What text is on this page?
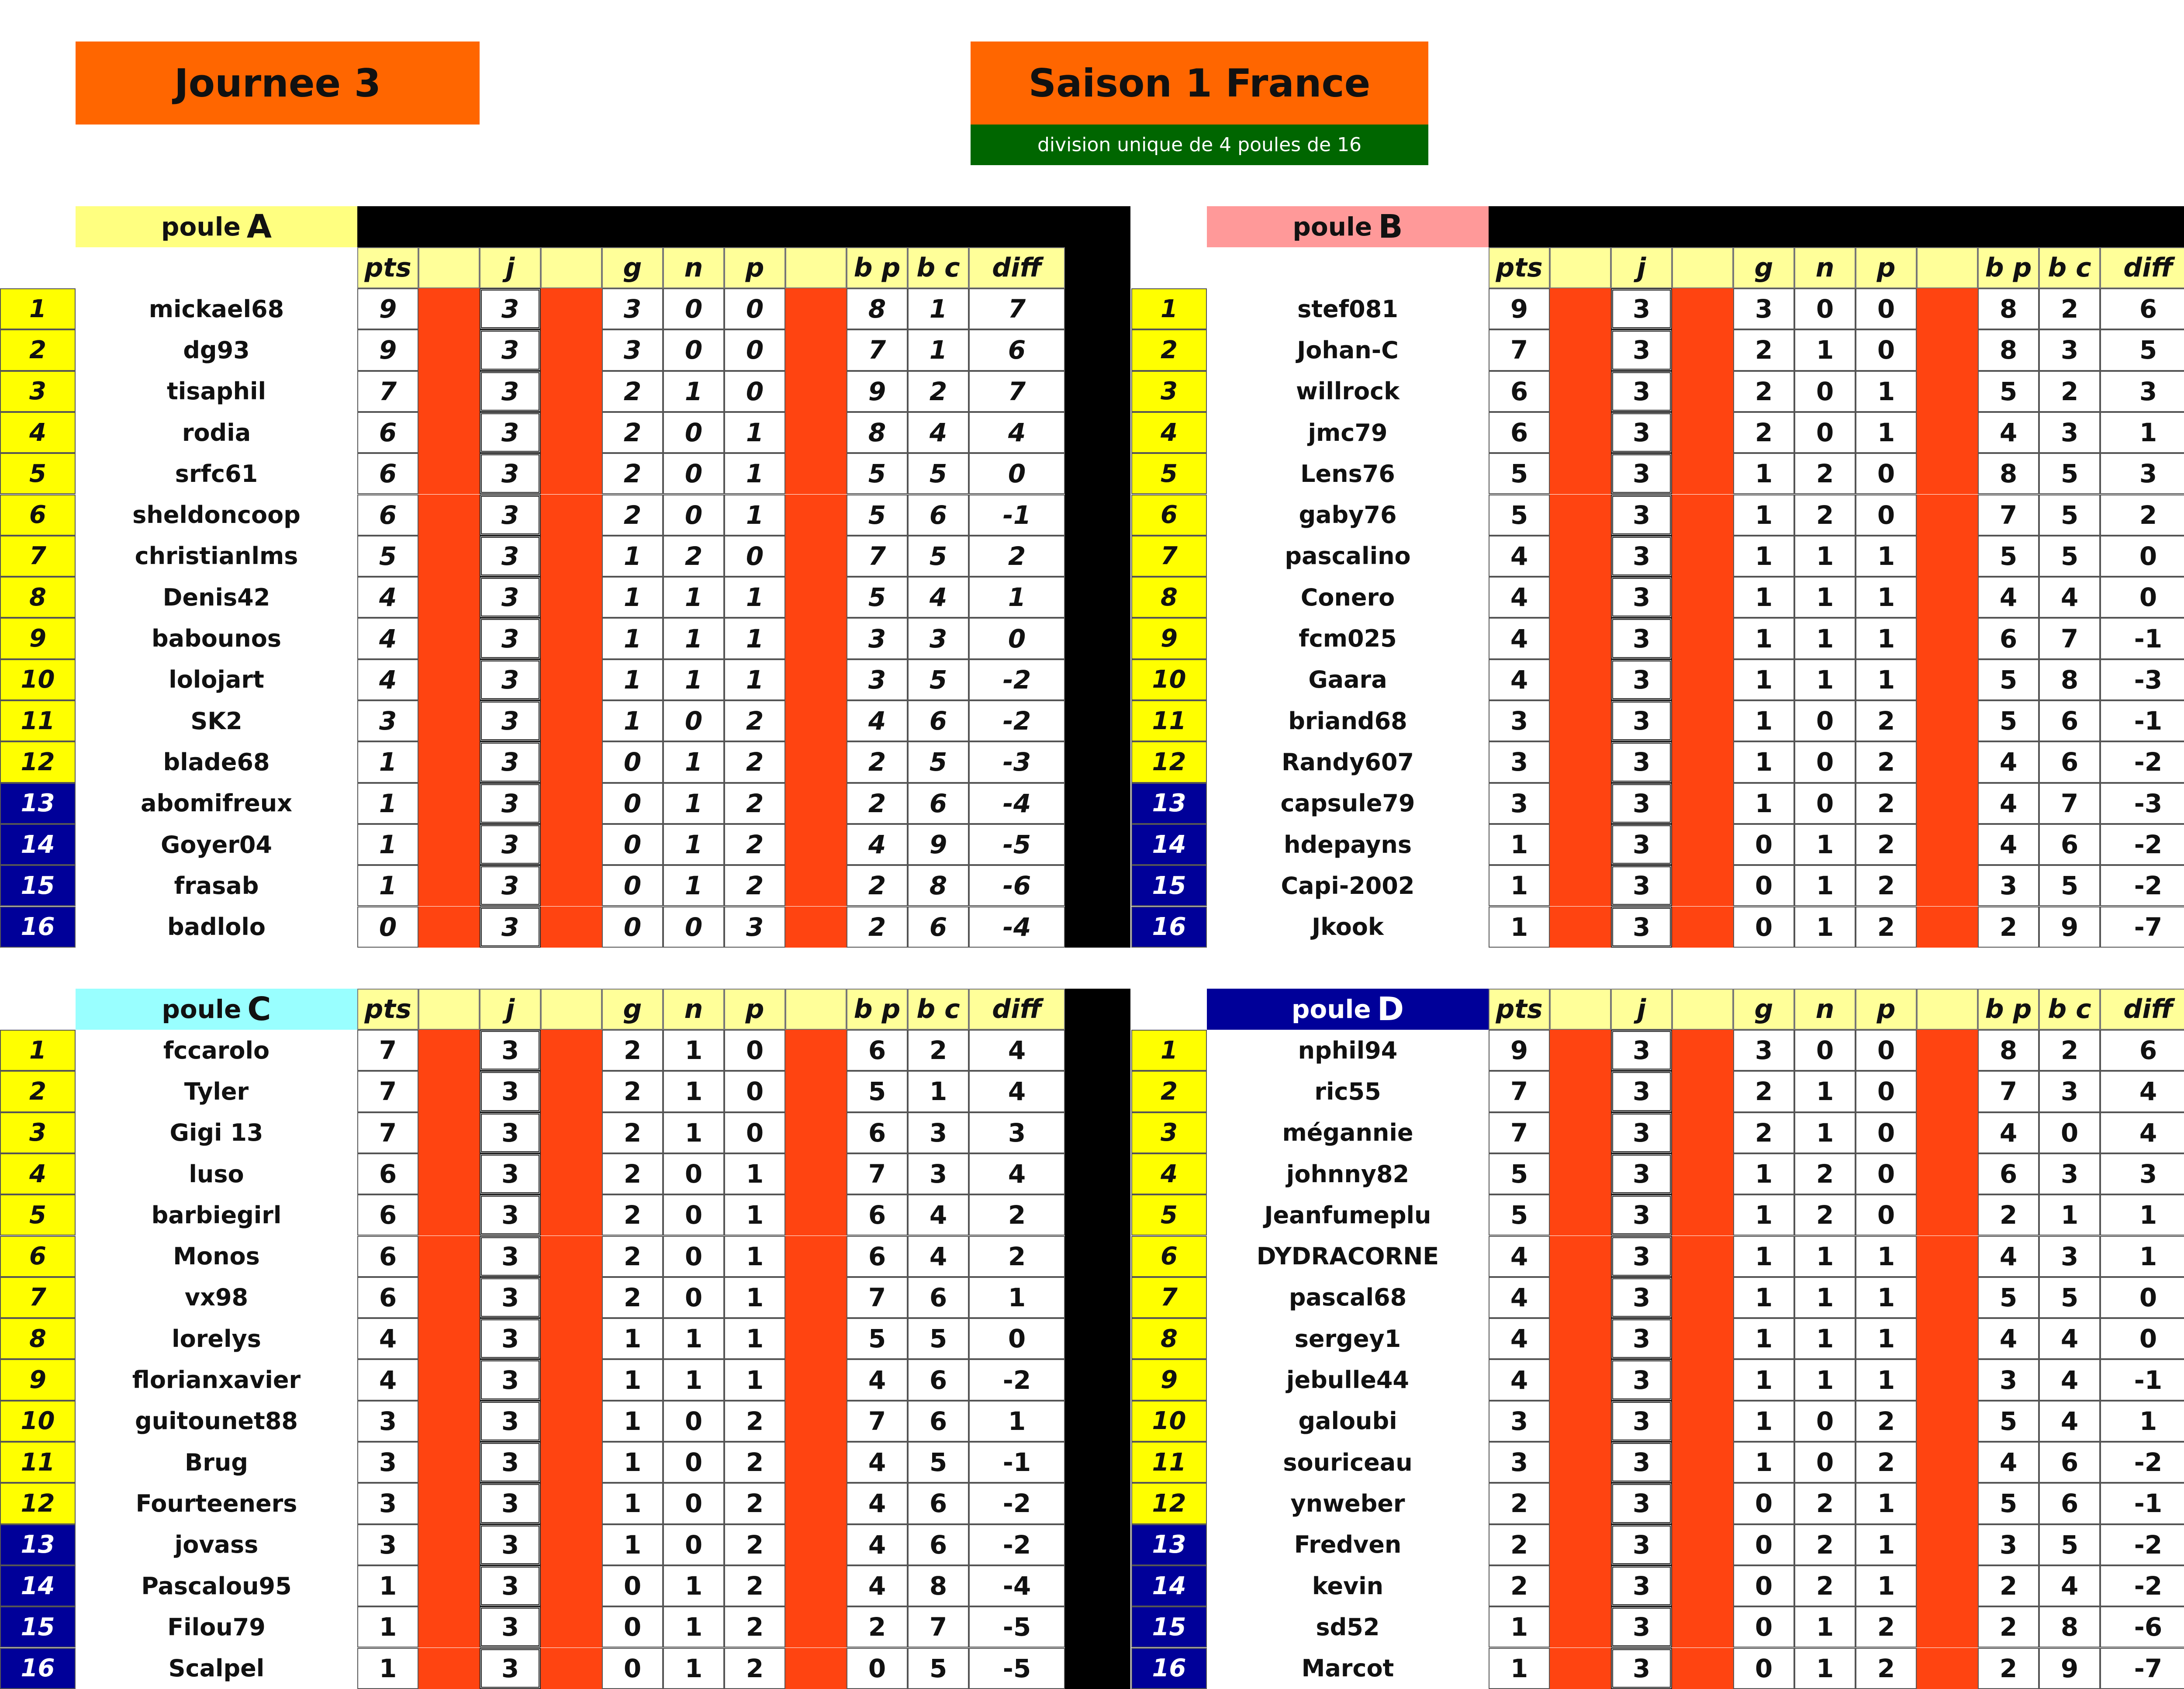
Journee 3	Saison 1 France
division unique de 4 poules de 16
poule A
pts	j	g	n	p	b p b c	diff
1	mickael68	9	3	3	0	0	8	1	7
2	dg93	9	3	3	0	0	7	1	6
3	tisaphil	7	3	2	1	0	9	2	7
4	rodia	6	3	2	0	1	8	4	4
5	srfc61	6	3	2	0	1	5	5	0
6	sheldoncoop	6	3	2	0	1	5	6	-1
7	christianlms	5	3	1	2	0	7	5	2
8	Denis42	4	3	1	1	1	5	4	1
9	babounos	4	3	1	1	1	3	3	0
10	lolojart	4	3	1	1	1	3	5	-2
11	SK2	3	3	1	0	2	4	6	-2
12	blade68	1	3	0	1	2	2	5	-3
13	abomifreux	1	3	0	1	2	2	6	-4
14	Goyer04	1	3	0	1	2	4	9	-5
15	frasab	1	3	0	1	2	2	8	-6
16	badlolo	0	3	0	0	3	2	6	-4
poule B
pts	j	g	n	p	b p b c	diff
1	stef081	9	3	3	0	0	8	2	6
2	Johan-C	7	3	2	1	0	8	3	5
3	willrock	6	3	2	0	1	5	2	3
4	jmc79	6	3	2	0	1	4	3	1
5	Lens76	5	3	1	2	0	8	5	3
6	gaby76	5	3	1	2	0	7	5	2
7	pascalino	4	3	1	1	1	5	5	0
8	Conero	4	3	1	1	1	4	4	0
9	fcm025	4	3	1	1	1	6	7	-1
10	Gaara	4	3	1	1	1	5	8	-3
11	briand68	3	3	1	0	2	5	6	-1
12	Randy607	3	3	1	0	2	4	6	-2
13	capsule79	3	3	1	0	2	4	7	-3
14	hdepayns	1	3	0	1	2	4	6	-2
15	Capi-2002	1	3	0	1	2	3	5	-2
16	Jkook	1	3	0	1	2	2	9	-7
poule C	pts	j	g	n	p	b p b c	diff
1	fccarolo	7	3	2	1	0	6	2	4
2	Tyler	7	3	2	1	0	5	1	4
3	Gigi 13	7	3	2	1	0	6	3	3
4	luso	6	3	2	0	1	7	3	4
5	barbiegirl	6	3	2	0	1	6	4	2
6	Monos	6	3	2	0	1	6	4	2
7	vx98	6	3	2	0	1	7	6	1
8	lorelys	4	3	1	1	1	5	5	0
9	florianxavier	4	3	1	1	1	4	6	-2
10	guitounet88	3	3	1	0	2	7	6	1
11	Brug	3	3	1	0	2	4	5	-1
12	Fourteeners	3	3	1	0	2	4	6	-2
13	jovass	3	3	1	0	2	4	6	-2
14	Pascalou95	1	3	0	1	2	4	8	-4
15	Filou79	1	3	0	1	2	2	7	-5
16	Scalpel	1	3	0	1	2	0	5	-5
poule D	pts	j	g	n	p	b p b c	diff
1	nphil94	9	3	3	0	0	8	2	6
2	ric55	7	3	2	1	0	7	3	4
3	mégannie	7	3	2	1	0	4	0	4
4	johnny82	5	3	1	2	0	6	3	3
5	Jeanfumeplu	5	3	1	2	0	2	1	1
6	DYDRACORNE	4	3	1	1	1	4	3	1
7	pascal68	4	3	1	1	1	5	5	0
8	sergey1	4	3	1	1	1	4	4	0
9	jebulle44	4	3	1	1	1	3	4	-1
10	galoubi	3	3	1	0	2	5	4	1
11	souriceau	3	3	1	0	2	4	6	-2
12	ynweber	2	3	0	2	1	5	6	-1
13	Fredven	2	3	0	2	1	3	5	-2
14	kevin	2	3	0	2	1	2	4	-2
15	sd52	1	3	0	1	2	2	8	-6
16	Marcot	1	3	0	1	2	2	9	-7
